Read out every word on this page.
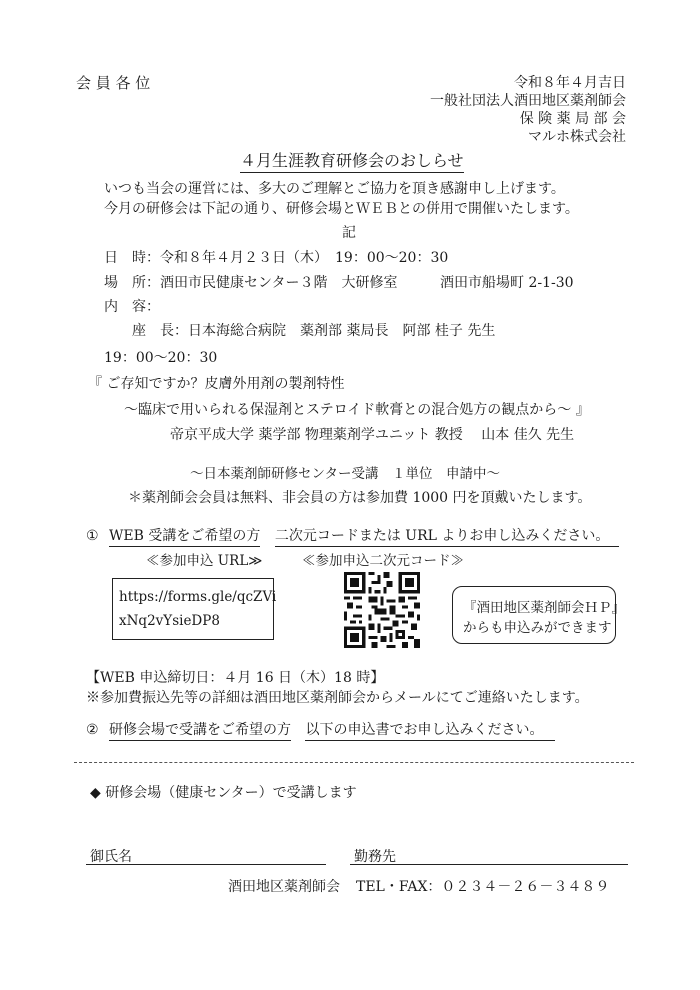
会 員 各 位	令和８年４月吉日
一般社団法人酒田地区薬剤師会
保 険 薬 局 部 会
マルホ株式会社
４月生涯教育研修会のおしらせ
いつも当会の運営には、多大のご理解とご協力を頂き感謝申し上げます。
今月の研修会は下記の通り、研修会場とＷＥＢとの併用で開催いたします。
記
日　時：令和８年４月２３日（木）　19：00〜20：30
場　所：酒田市民健康センター３階　大研修室	酒田市船場町 2-1-30
内　容：
座　長：日本海総合病院　薬剤部 薬局長　阿部 桂子 先生
19：00〜20：30
『 ご存知ですか？皮膚外用剤の製剤特性
〜臨床で用いられる保湿剤とステロイド軟膏との混合処方の観点から〜 』
帝京平成大学 薬学部 物理薬剤学ユニット 教授　 山本 佳久 先生
〜日本薬剤師研修センター受講　１単位　申請中〜
＊薬剤師会会員は無料、非会員の方は参加費 1000 円を頂戴いたします。
① WEB 受講をご希望の方 二次元コードまたは URL よりお申し込みください。
≪参加申込 URL≫	≪参加申込二次元コード≫
https://forms.gle/qcZVi
xNq2vYsieDP8
『酒田地区薬剤師会ＨＰ』
からも申込みができます
【WEB 申込締切日：４月 16 日（木）18 時】
※参加費振込先等の詳細は酒田地区薬剤師会からメールにてご連絡いたします。
② 研修会場で受講をご希望の方 以下の申込書でお申し込みください。
◆ 研修会場（健康センター）で受講します
御氏名	勤務先
酒田地区薬剤師会 TEL・FAX：０２３４－２６－３４８９
